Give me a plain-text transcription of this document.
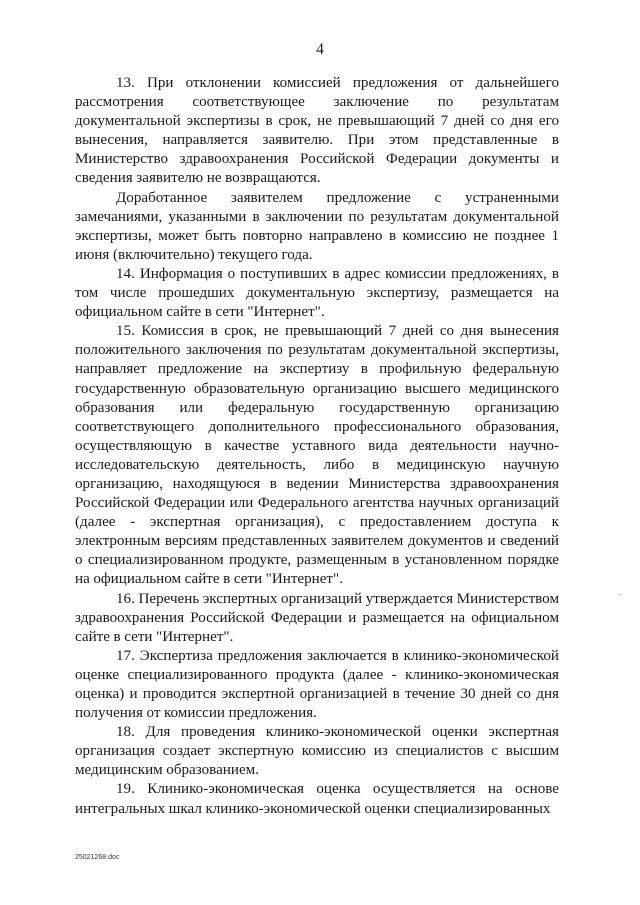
4

13. При отклонении комиссией предложения от дальнейшего рассмотрения соответствующее заключение по результатам документальной экспертизы в срок, не превышающий 7 дней со дня его вынесения, направляется заявителю. При этом представленные в Министерство здравоохранения Российской Федерации документы и сведения заявителю не возвращаются.

Доработанное заявителем предложение с устраненными замечаниями, указанными в заключении по результатам документальной экспертизы, может быть повторно направлено в комиссию не позднее 1 июня (включительно) текущего года.

14. Информация о поступивших в адрес комиссии предложениях, в том числе прошедших документальную экспертизу, размещается на официальном сайте в сети "Интернет".

15. Комиссия в срок, не превышающий 7 дней со дня вынесения положительного заключения по результатам документальной экспертизы, направляет предложение на экспертизу в профильную федеральную государственную образовательную организацию высшего медицинского образования или федеральную государственную организацию соответствующего дополнительного профессионального образования, осуществляющую в качестве уставного вида деятельности научно-исследовательскую деятельность, либо в медицинскую научную организацию, находящуюся в ведении Министерства здравоохранения Российской Федерации или Федерального агентства научных организаций (далее - экспертная организация), с предоставлением доступа к электронным версиям представленных заявителем документов и сведений о специализированном продукте, размещенным в установленном порядке на официальном сайте в сети "Интернет".

16. Перечень экспертных организаций утверждается Министерством здравоохранения Российской Федерации и размещается на официальном сайте в сети "Интернет".

17. Экспертиза предложения заключается в клинико-экономической оценке специализированного продукта (далее - клинико-экономическая оценка) и проводится экспертной организацией в течение 30 дней со дня получения от комиссии предложения.

18. Для проведения клинико-экономической оценки экспертная организация создает экспертную комиссию из специалистов с высшим медицинским образованием.

19. Клинико-экономическая оценка осуществляется на основе интегральных шкал клинико-экономической оценки специализированных

25021268.doc
